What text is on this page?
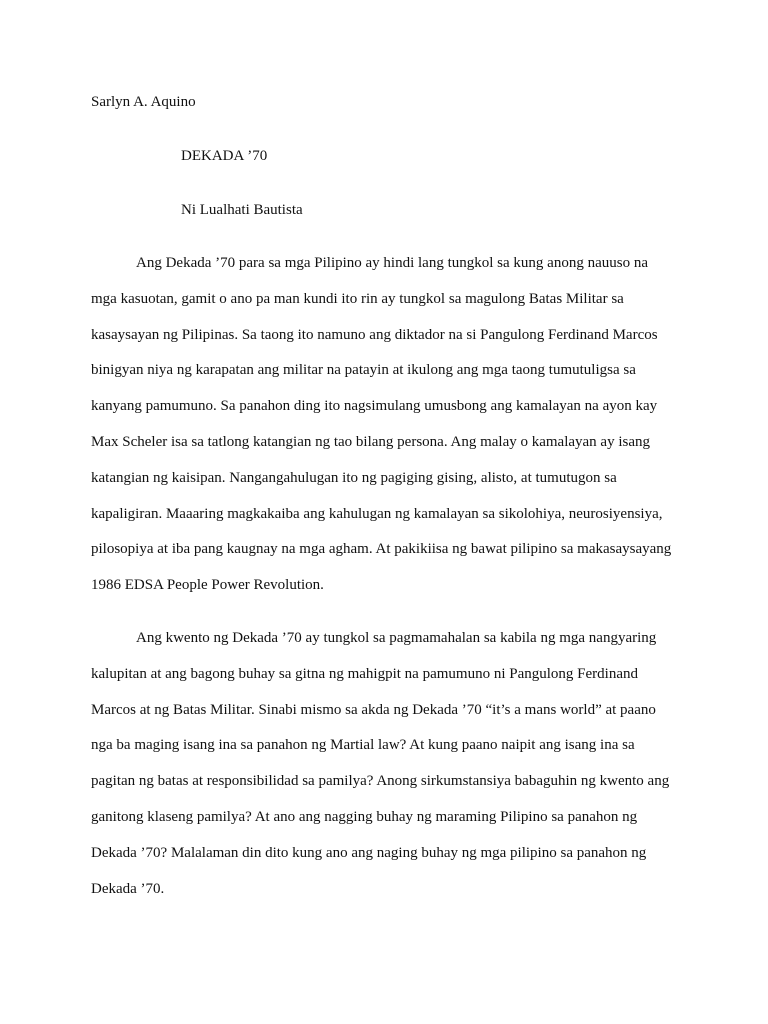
Sarlyn A. Aquino

DEKADA ’70

Ni Lualhati Bautista

Ang Dekada ’70 para sa mga Pilipino ay hindi lang tungkol sa kung anong nauuso na
mga kasuotan, gamit o ano pa man kundi ito rin ay tungkol sa magulong Batas Militar sa
kasaysayan ng Pilipinas. Sa taong ito namuno ang diktador na si Pangulong Ferdinand Marcos
binigyan niya ng karapatan ang militar na patayin at ikulong ang mga taong tumutuligsa sa
kanyang pamumuno. Sa panahon ding ito nagsimulang umusbong ang kamalayan na ayon kay
Max Scheler isa sa tatlong katangian ng tao bilang persona. Ang malay o kamalayan ay isang
katangian ng kaisipan. Nangangahulugan ito ng pagiging gising, alisto, at tumutugon sa
kapaligiran. Maaaring magkakaiba ang kahulugan ng kamalayan sa sikolohiya, neurosiyensiya,
pilosopiya at iba pang kaugnay na mga agham. At pakikiisa ng bawat pilipino sa makasaysayang
1986 EDSA People Power Revolution.
Ang kwento ng Dekada ’70 ay tungkol sa pagmamahalan sa kabila ng mga nangyaring
kalupitan at ang bagong buhay sa gitna ng mahigpit na pamumuno ni Pangulong Ferdinand
Marcos at ng Batas Militar. Sinabi mismo sa akda ng Dekada ’70 “it’s a mans world” at paano
nga ba maging isang ina sa panahon ng Martial law? At kung paano naipit ang isang ina sa
pagitan ng batas at responsibilidad sa pamilya? Anong sirkumstansiya babaguhin ng kwento ang
ganitong klaseng pamilya? At ano ang nagging buhay ng maraming Pilipino sa panahon ng
Dekada ’70? Malalaman din dito kung ano ang naging buhay ng mga pilipino sa panahon ng
Dekada ’70.
